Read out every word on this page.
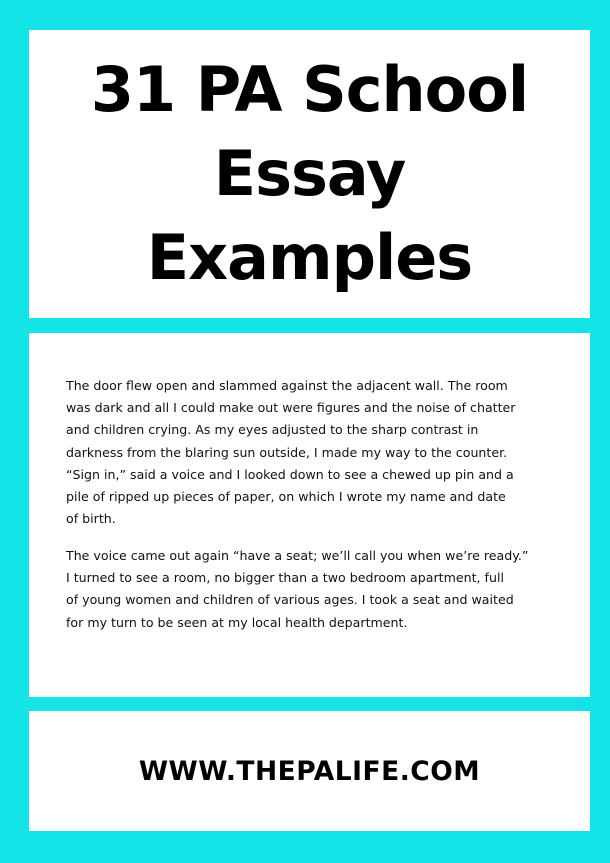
31 PA School
Essay
Examples

The door flew open and slammed against the adjacent wall. The room
was dark and all I could make out were figures and the noise of chatter
and children crying. As my eyes adjusted to the sharp contrast in
darkness from the blaring sun outside, I made my way to the counter.
“Sign in,” said a voice and I looked down to see a chewed up pin and a
pile of ripped up pieces of paper, on which I wrote my name and date
of birth.

The voice came out again “have a seat; we’ll call you when we’re ready.”
I turned to see a room, no bigger than a two bedroom apartment, full
of young women and children of various ages. I took a seat and waited
for my turn to be seen at my local health department.

WWW.THEPALIFE.COM
